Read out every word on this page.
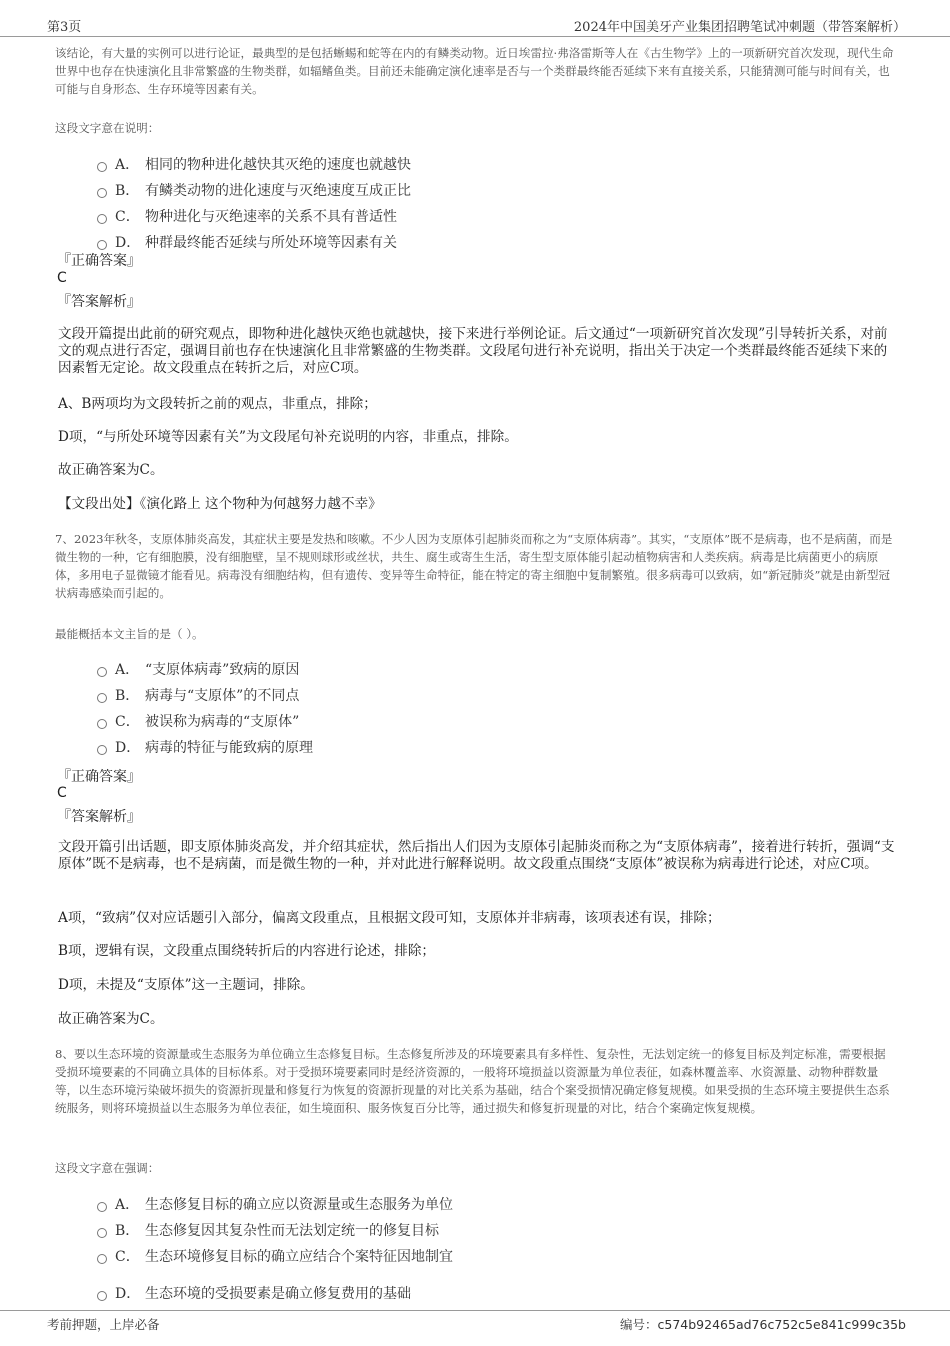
第3页	2024年中国美牙产业集团招聘笔试冲刺题（带答案解析）

该结论，有大量的实例可以进行论证，最典型的是包括蜥蜴和蛇等在内的有鳞类动物。近日埃雷拉·弗洛雷斯等人在《古生物学》上的一项新研究首次发现，现代生命世界中也存在快速演化且非常繁盛的生物类群，如辐鳍鱼类。目前还未能确定演化速率是否与一个类群最终能否延续下来有直接关系，只能猜测可能与时间有关，也可能与自身形态、生存环境等因素有关。

这段文字意在说明：

A． 相同的物种进化越快其灭绝的速度也就越快
B． 有鳞类动物的进化速度与灭绝速度互成正比
C． 物种进化与灭绝速率的关系不具有普适性
D． 种群最终能否延续与所处环境等因素有关
『正确答案』
C
『答案解析』

文段开篇提出此前的研究观点，即物种进化越快灭绝也就越快，接下来进行举例论证。后文通过“一项新研究首次发现”引导转折关系，对前文的观点进行否定，强调目前也存在快速演化且非常繁盛的生物类群。文段尾句进行补充说明，指出关于决定一个类群最终能否延续下来的因素暂无定论。故文段重点在转折之后，对应C项。

A、B两项均为文段转折之前的观点，非重点，排除；

D项，“与所处环境等因素有关”为文段尾句补充说明的内容，非重点，排除。

故正确答案为C。

【文段出处】《演化路上 这个物种为何越努力越不幸》

7、2023年秋冬，支原体肺炎高发，其症状主要是发热和咳嗽。不少人因为支原体引起肺炎而称之为“支原体病毒”。其实，“支原体”既不是病毒，也不是病菌，而是微生物的一种，它有细胞膜，没有细胞壁，呈不规则球形或丝状，共生、腐生或寄生生活，寄生型支原体能引起动植物病害和人类疾病。病毒是比病菌更小的病原体，多用电子显微镜才能看见。病毒没有细胞结构，但有遗传、变异等生命特征，能在特定的寄主细胞中复制繁殖。很多病毒可以致病，如“新冠肺炎”就是由新型冠状病毒感染而引起的。

最能概括本文主旨的是（ ）。

A． “支原体病毒”致病的原因
B． 病毒与“支原体”的不同点
C． 被误称为病毒的“支原体”
D． 病毒的特征与能致病的原理
『正确答案』
C
『答案解析』

文段开篇引出话题，即支原体肺炎高发，并介绍其症状，然后指出人们因为支原体引起肺炎而称之为“支原体病毒”，接着进行转折，强调“支原体”既不是病毒，也不是病菌，而是微生物的一种，并对此进行解释说明。故文段重点围绕“支原体”被误称为病毒进行论述，对应C项。

A项，“致病”仅对应话题引入部分，偏离文段重点，且根据文段可知，支原体并非病毒，该项表述有误，排除；

B项，逻辑有误，文段重点围绕转折后的内容进行论述，排除；

D项，未提及“支原体”这一主题词，排除。

故正确答案为C。

8、要以生态环境的资源量或生态服务为单位确立生态修复目标。生态修复所涉及的环境要素具有多样性、复杂性，无法划定统一的修复目标及判定标准，需要根据受损环境要素的不同确立具体的目标体系。对于受损环境要素同时是经济资源的，一般将环境损益以资源量为单位表征，如森林覆盖率、水资源量、动物种群数量等，以生态环境污染破坏损失的资源折现量和修复行为恢复的资源折现量的对比关系为基础，结合个案受损情况确定修复规模。如果受损的生态环境主要提供生态系统服务，则将环境损益以生态服务为单位表征，如生境面积、服务恢复百分比等，通过损失和修复折现量的对比，结合个案确定恢复规模。

这段文字意在强调：

A． 生态修复目标的确立应以资源量或生态服务为单位
B． 生态修复因其复杂性而无法划定统一的修复目标
C． 生态环境修复目标的确立应结合个案特征因地制宜
D． 生态环境的受损要素是确立修复费用的基础
考前押题，上岸必备	编号：c574b92465ad76c752c5e841c999c35b
